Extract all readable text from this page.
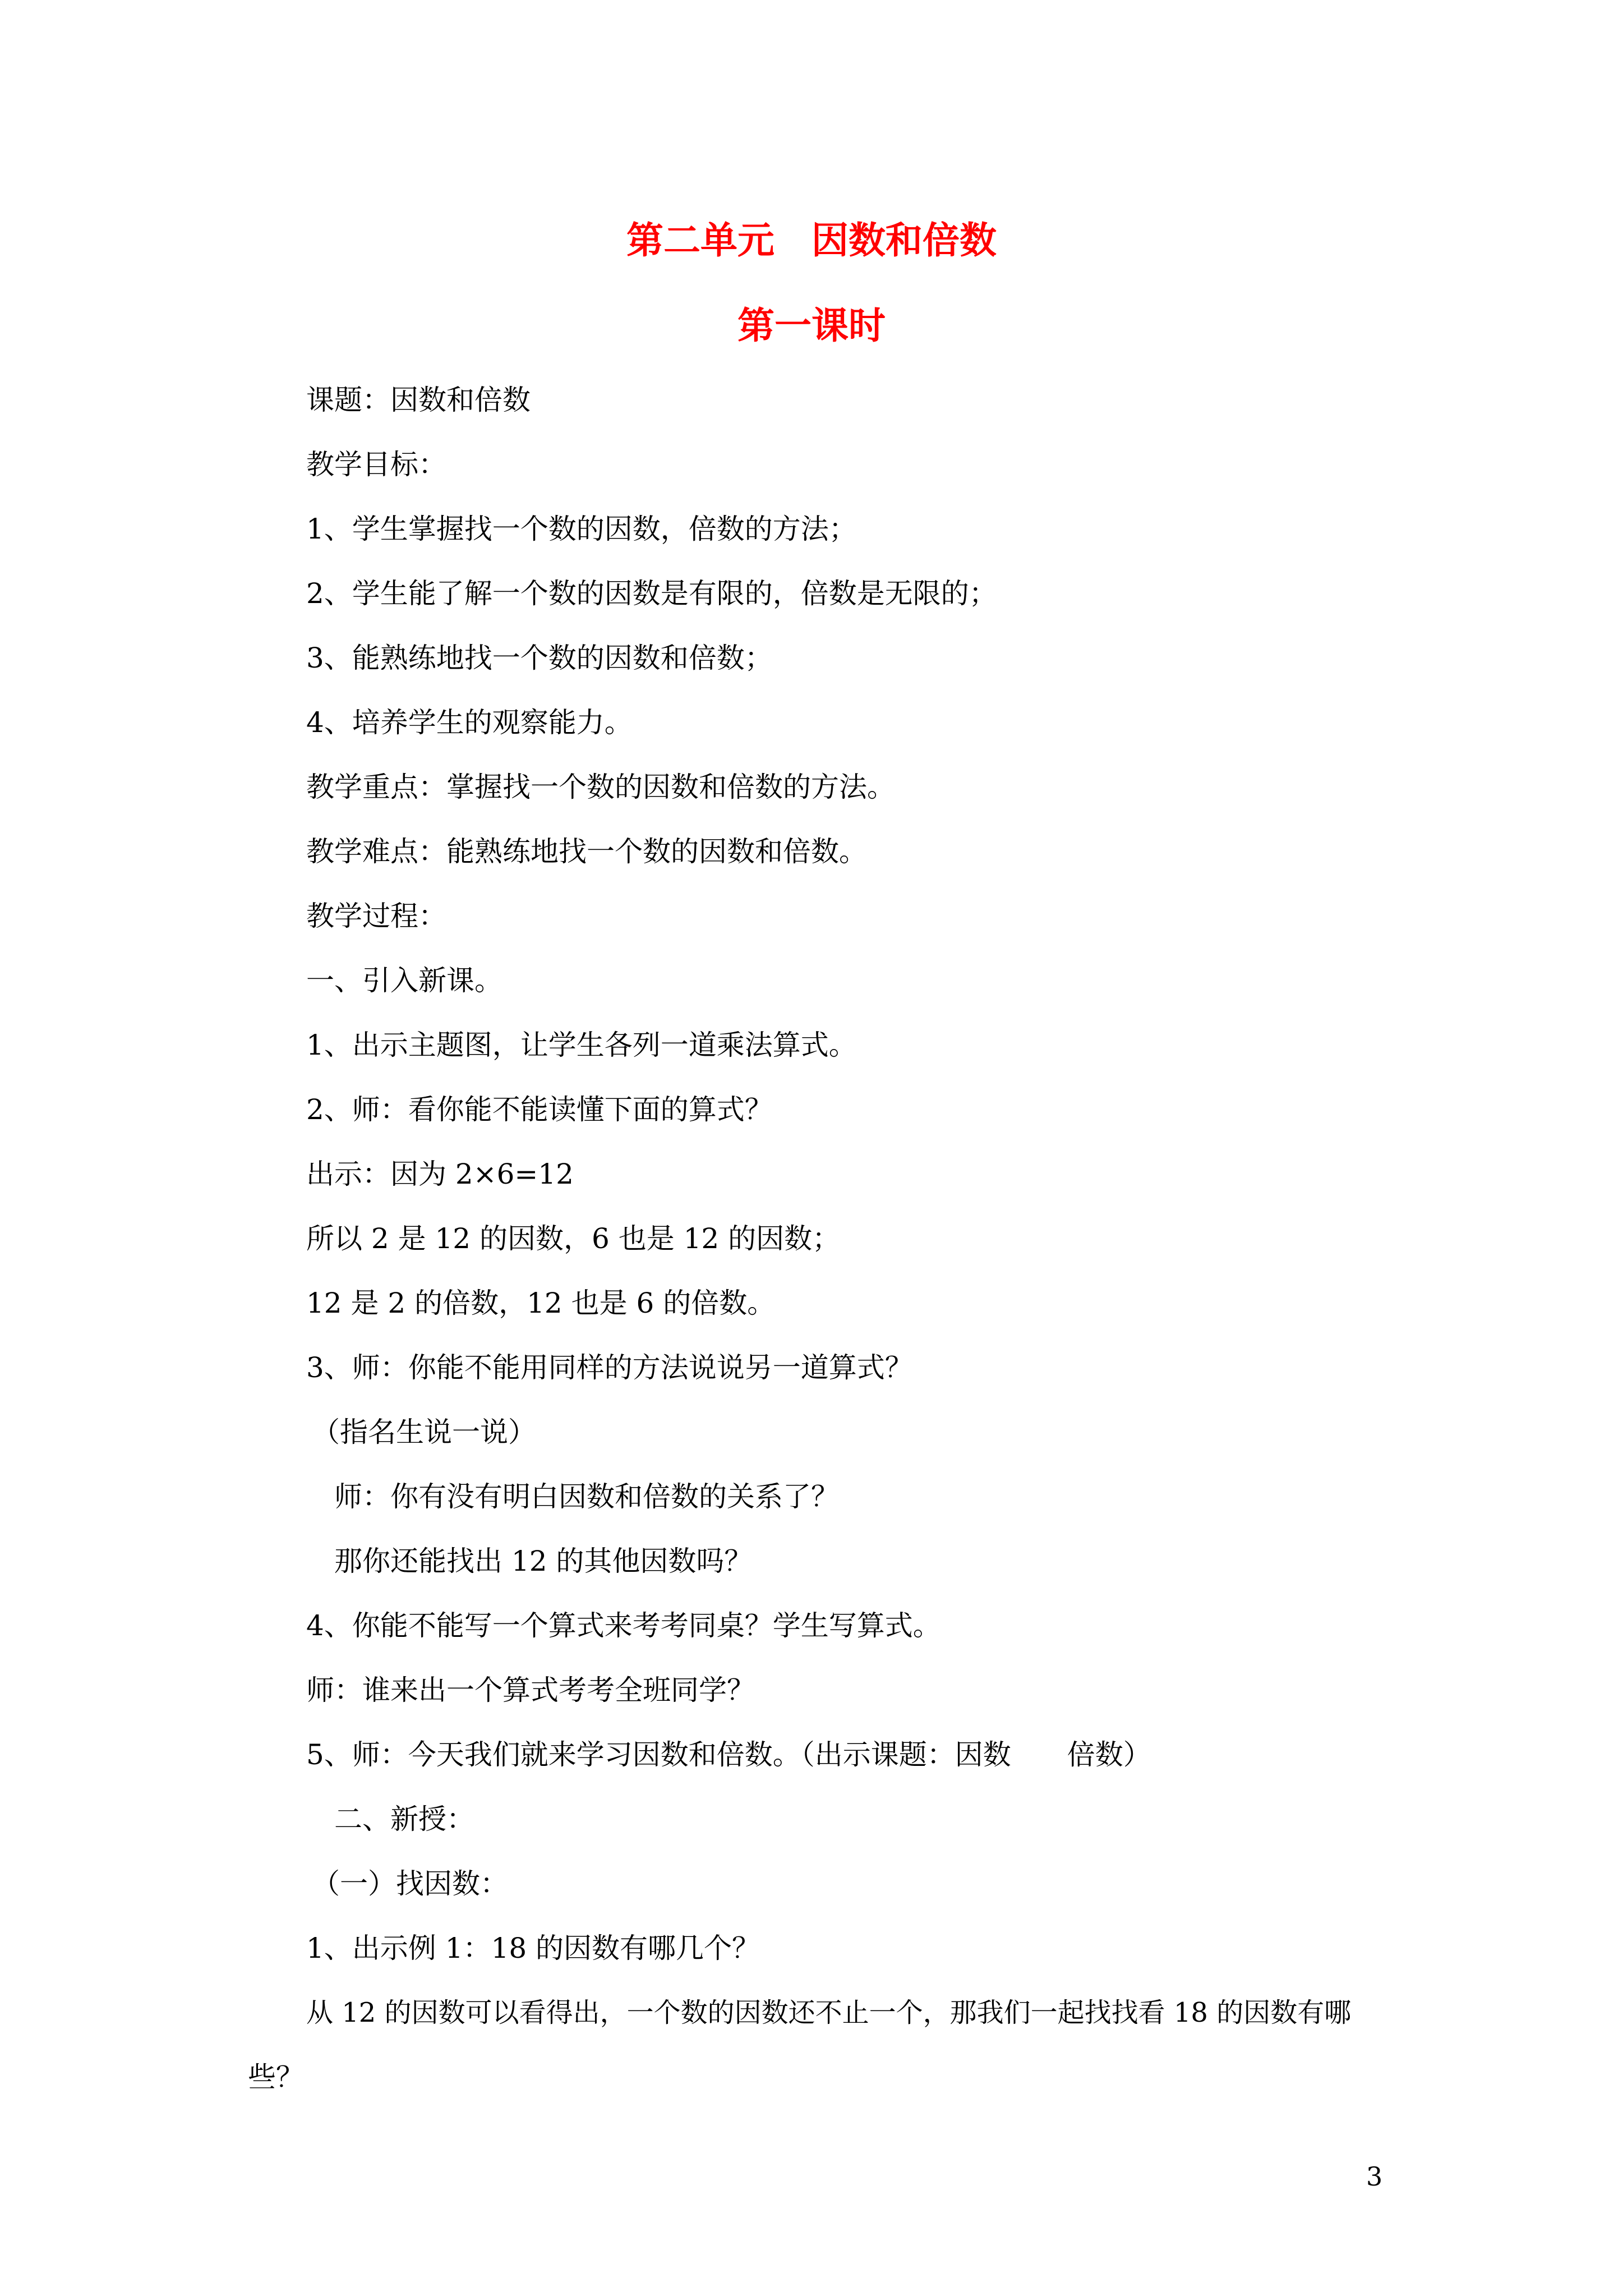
第二单元　因数和倍数
第一课时
课题：因数和倍数
教学目标：
1、学生掌握找一个数的因数，倍数的方法；
2、学生能了解一个数的因数是有限的，倍数是无限的；
3、能熟练地找一个数的因数和倍数；
4、培养学生的观察能力。
教学重点：掌握找一个数的因数和倍数的方法。
教学难点：能熟练地找一个数的因数和倍数。
教学过程：
一、引入新课。
1、出示主题图，让学生各列一道乘法算式。
2、师：看你能不能读懂下面的算式？
出示：因为 2×6=12
所以 2 是 12 的因数，6 也是 12 的因数；
12 是 2 的倍数，12 也是 6 的倍数。
3、师：你能不能用同样的方法说说另一道算式？
（指名生说一说）
师：你有没有明白因数和倍数的关系了？
那你还能找出 12 的其他因数吗？
4、你能不能写一个算式来考考同桌？学生写算式。
师：谁来出一个算式考考全班同学？
5、师：今天我们就来学习因数和倍数。（出示课题：因数　　倍数）
二、新授：
（一）找因数：
1、出示例 1：18 的因数有哪几个？
从 12 的因数可以看得出，一个数的因数还不止一个，那我们一起找找看 18 的因数有哪
些？
3
